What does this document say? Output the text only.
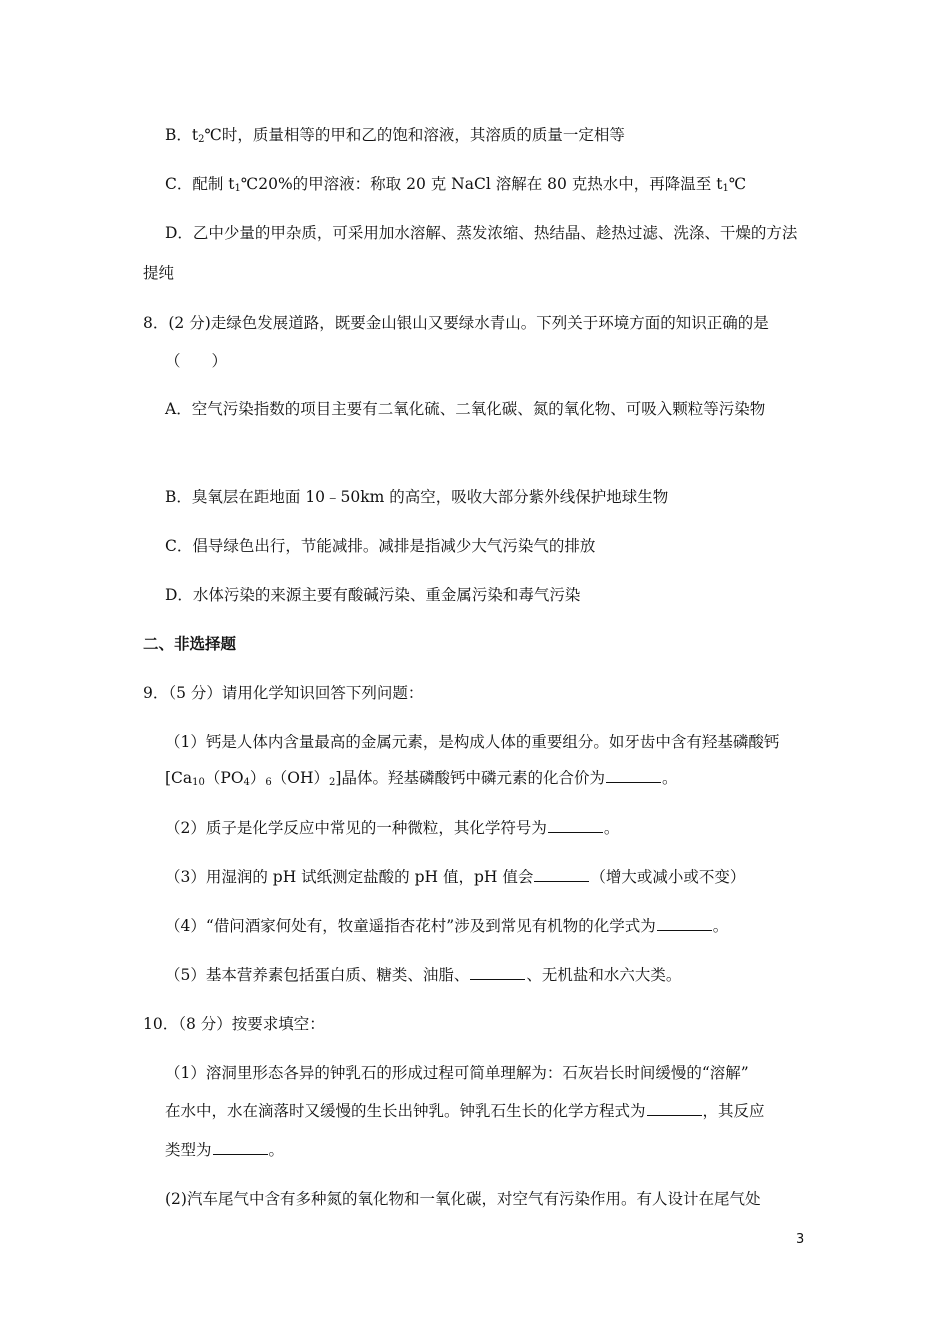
B．$t_2℃$时，质量相等的甲和乙的饱和溶液，其溶质的质量一定相等
C．配制 $t_1℃20\%$的甲溶液：称取 20 克 NaCl 溶解在 80 克热水中，再降温至 $t_1℃$
D．乙中少量的甲杂质，可采用加水溶解、蒸发浓缩、热结晶、趁热过滤、洗涤、干燥的方法
提纯
8．(2 分)走绿色发展道路，既要金山银山又要绿水青山。下列关于环境方面的知识正确的是
（　　）
A．空气污染指数的项目主要有二氧化硫、二氧化碳、氮的氧化物、可吸入颗粒等污染物
B．臭氧层在距地面 10﹣50km 的高空，吸收大部分紫外线保护地球生物
C．倡导绿色出行，节能减排。减排是指减少大气污染气的排放
D．水体污染的来源主要有酸碱污染、重金属污染和毒气污染
二、非选择题
9．（5 分）请用化学知识回答下列问题：
（1）钙是人体内含量最高的金属元素，是构成人体的重要组分。如牙齿中含有羟基磷酸钙
$[Ca_{10}(PO_4)_6(OH)_2]$晶体。羟基磷酸钙中磷元素的化合价为	。
（2）质子是化学反应中常见的一种微粒，其化学符号为	。
（3）用湿润的 pH 试纸测定盐酸的 pH 值，pH 值会	（增大或减小或不变）
（4）“借问酒家何处有，牧童遥指杏花村”涉及到常见有机物的化学式为	。
（5）基本营养素包括蛋白质、糖类、油脂、	、无机盐和水六大类。
10．（8 分）按要求填空：
（1）溶洞里形态各异的钟乳石的形成过程可简单理解为：石灰岩长时间缓慢的“溶解”
在水中，水在滴落时又缓慢的生长出钟乳。钟乳石生长的化学方程式为	，其反应
类型为	。
(2)汽车尾气中含有多种氮的氧化物和一氧化碳，对空气有污染作用。有人设计在尾气处
3
